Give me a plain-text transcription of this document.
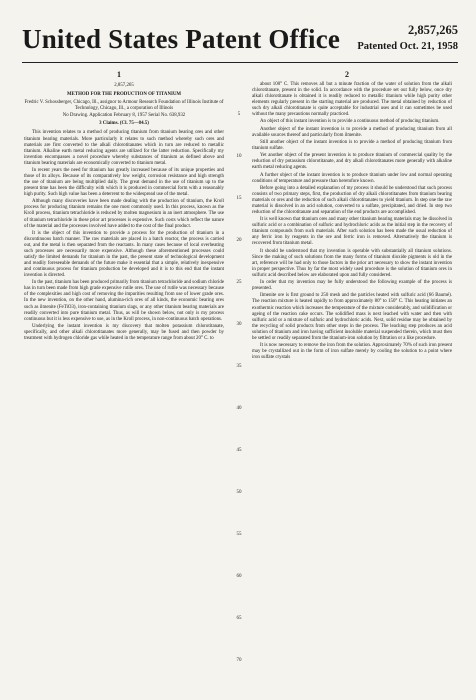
United States Patent Office	2,857,265
Patented Oct. 21, 1958
1	2

2,857,265

METHOD FOR THE PRODUCTION OF TITANIUM

Fredric V. Schossberger, Chicago, Ill., assignor to Armour Research Foundation of Illinois Institute of Technology, Chicago, Ill., a corporation of Illinois

No Drawing. Application February 8, 1957 Serial No. 638,932

3 Claims. (Cl. 75—84.5)

This invention relates to a method of producing titanium from titanium bearing ores and other titanium bearing materials. More particularly it relates to such method whereby such ores and materials are first converted to the alkali chlorotitanates which in turn are reduced to metallic titanium. Alkaline earth metal reducing agents are utilized for the latter reduction. Specifically my invention encompasses a novel procedure whereby substances of titanium as defined above and titanium bearing materials are economically converted to titanium metal.

In recent years the need for titanium has greatly increased because of its unique properties and those of its alloys. Because of its comparatively low weight, corrosion resistance and high strength the use of titanium are being multiplied daily. The great demand in the use of titanium up to the present time has been the difficulty with which it is produced in commercial form with a reasonably high purity. Such high value has been a deterrent to the widespread use of the metal.

Although many discoveries have been made dealing with the production of titanium, the Kroll process for producing titanium remains the one most commonly used. In this process, known as the Kroll process, titanium tetrachloride is reduced by molten magnesium in an inert atmosphere. The use of titanium tetrachloride in these prior art processes is expensive. Such costs which reflect the nature of the material and the processes involved have added to the cost of the final product.

It is the object of this invention to provide a process for the production of titanium in a discontinuous batch manner. The raw materials are placed in a batch reactor, the process is carried out, and the metal is then separated from the reactants. In many cases because of local overheating such processes are necessarily more expensive. Although these aforementioned processes could satisfy the limited demands for titanium in the past, the present state of technological development and readily foreseeable demands of the future make it essential that a simple, relatively inexpensive and continuous process for titanium production be developed and it is to this end that the instant invention is directed.

In the past, titanium has been produced primarily from titanium tetrachloride and sodium chloride has in turn been made from high grade expensive rutile ores. The use of rutile was necessary because of the complexities and high cost of removing the impurities resulting from use of lower grade ores. In the new invention, on the other hand, alumina-rich ores of all kinds, the economic bearing ores such as ilmenite (FeTiO3), iron-containing titanium slags, or any other titanium bearing materials are readily converted into pure titanium metal. Thus, as will be shown below, not only is my process continuous but it is less expensive to use, as in the Kroll process, in non-continuous batch operations.

Underlying the instant invention is my discovery that molten potassium chlorotitanate, specifically, and other alkali chlorotitanates more generally, may be fused and then powder by treatment with hydrogen chloride gas while heated in the temperature range from about 20° C. to

5
10
15
20
25
30
35
40
45
50
55
60
65
70

about 100° C. This removes all but a minute fraction of the water of solution from the alkali chlorotitanate, present in the solid. In accordance with the procedure set out fully below, once dry alkali chlorotitanate is obtained it is readily reduced to metallic titanium while high purity other elements regularly present in the starting material are produced. The metal obtained by reduction of such dry alkali chlorotitanate is quite acceptable for industrial uses and it can sometimes be used without the many precautions normally practiced.

An object of this instant invention is to provide a continuous method of producing titanium.

Another object of the instant invention is to provide a method of producing titanium from all available sources thereof and particularly from ilmenite.

Still another object of the instant invention is to provide a method of producing titanium from titanium sulfate.

Yet another object of the present invention is to produce titanium of commercial quality by the reduction of dry potassium chlorotitanate, and dry alkali chlorotitanates more generally with alkaline earth metal reducing agents.

A further object of the instant invention is to produce titanium under low and normal operating conditions of temperature and pressure than heretofore known.

Before going into a detailed explanation of my process it should be understood that such process consists of two primary steps, first, the production of dry alkali chlorotitanates from titanium bearing materials or ores and the reduction of such alkali chlorotitanates to yield titanium. In step one the raw material is dissolved in an acid solution, converted to a sulfate, precipitated, and dried. In step two reduction of the chlorotitanate and separation of the end products are accomplished.

It is well known that titanium ores and many other titanium bearing materials may be dissolved in sulfuric acid or a combination of sulfuric and hydrochloric acids as the initial step in the recovery of titanium compounds from such materials. After such solution has been made the usual reduction of any ferric iron by reagents in the ore and ferric iron is removed. Alternatively the titanium is recovered from titanium metal.

It should be understood that my invention is operable with substantially all titanium solutions. Since the making of such solutions from the many forms of titanium dioxide pigments is old in the art, reference will be had only to those factors in the prior art necessary to show the instant invention in proper perspective. Thus by far the most widely used procedure is the solution of titanium ores in sulfuric acid described below are elaborated upon and fully considered.

In order that my invention may be fully understood the following example of the process is presented.

Ilmenite ore is first ground to 250 mesh and the particles heated with sulfuric acid (66 Baumé). The reaction mixture is heated rapidly to from approximately 80° to 150° C. This heating initiates an exothermic reaction which increases the temperature of the mixture considerably, and solidification or ageing of the reaction cake occurs. The solidified mass is next leached with water and then with sulfuric acid or a mixture of sulfuric and hydrochloric acids. Next, solid residue may be obtained by the recycling of solid products from other steps in the process. The leaching step produces an acid solution of titanium and iron having sufficient insoluble material suspended therein, which must then be settled or readily separated from the titanium-iron solution by filtration or a like procedure.

It is now necessary to remove the iron from the solution. Approximately 70% of such iron present may be crystallized out in the form of iron sulfate merely by cooling the solution to a point where iron sulfate crystals
